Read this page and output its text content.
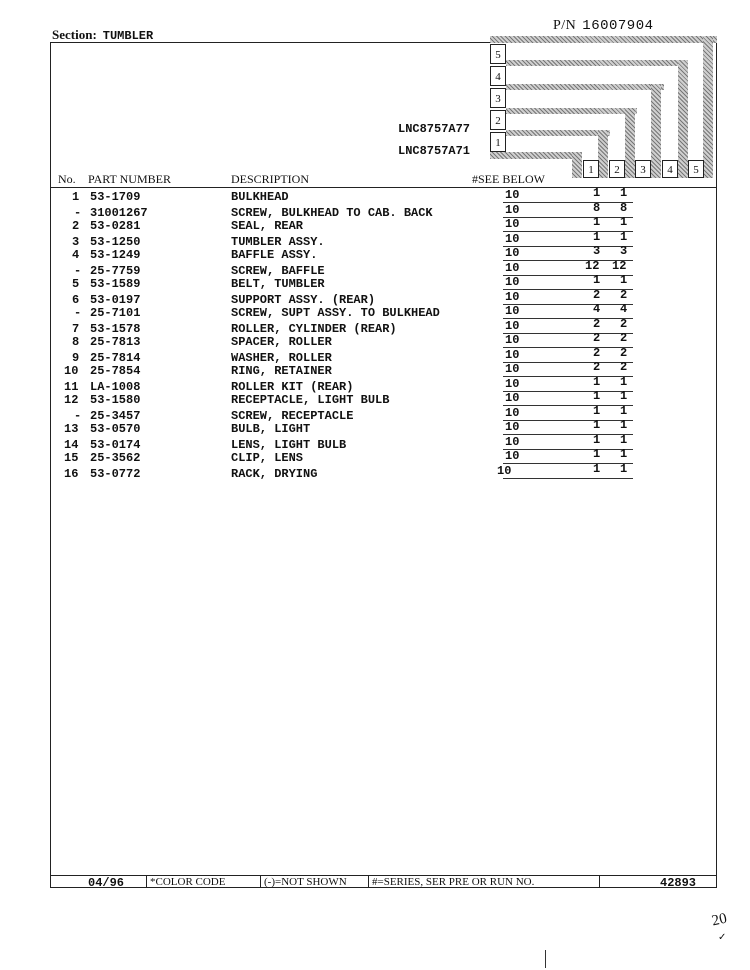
Section: TUMBLER
P/N 16007904
5
4
3
2
1
1	2	3	4	5
LNC8757A77
LNC8757A71
No. PART NUMBER	DESCRIPTION	#SEE BELOW
1 53-1709	BULKHEAD	10	1 1
- 31001267	SCREW, BULKHEAD TO CAB. BACK	10	8 8
2 53-0281	SEAL, REAR	10	1 1
3 53-1250	TUMBLER ASSY.	10	1 1
4 53-1249	BAFFLE ASSY.	10	3 3
- 25-7759	SCREW, BAFFLE	10	12 12
5 53-1589	BELT, TUMBLER	10	1 1
6 53-0197	SUPPORT ASSY. (REAR)	10	2 2
- 25-7101	SCREW, SUPT ASSY. TO BULKHEAD	10	4 4
7 53-1578	ROLLER, CYLINDER (REAR)	10	2 2
8 25-7813	SPACER, ROLLER	10	2 2
9 25-7814	WASHER, ROLLER	10	2 2
10 25-7854	RING, RETAINER	10	2 2
11 LA-1008	ROLLER KIT (REAR)	10	1 1
12 53-1580	RECEPTACLE, LIGHT BULB	10	1 1
- 25-3457	SCREW, RECEPTACLE	10	1 1
13 53-0570	BULB, LIGHT	10	1 1
14 53-0174	LENS, LIGHT BULB	10	1 1
15 25-3562	CLIP, LENS	10	1 1
16 53-0772	RACK, DRYING	10	1 1
04/96 *COLOR CODE	(-)=NOT SHOWN #=SERIES, SER PRE OR RUN NO.	42893
20
✓
